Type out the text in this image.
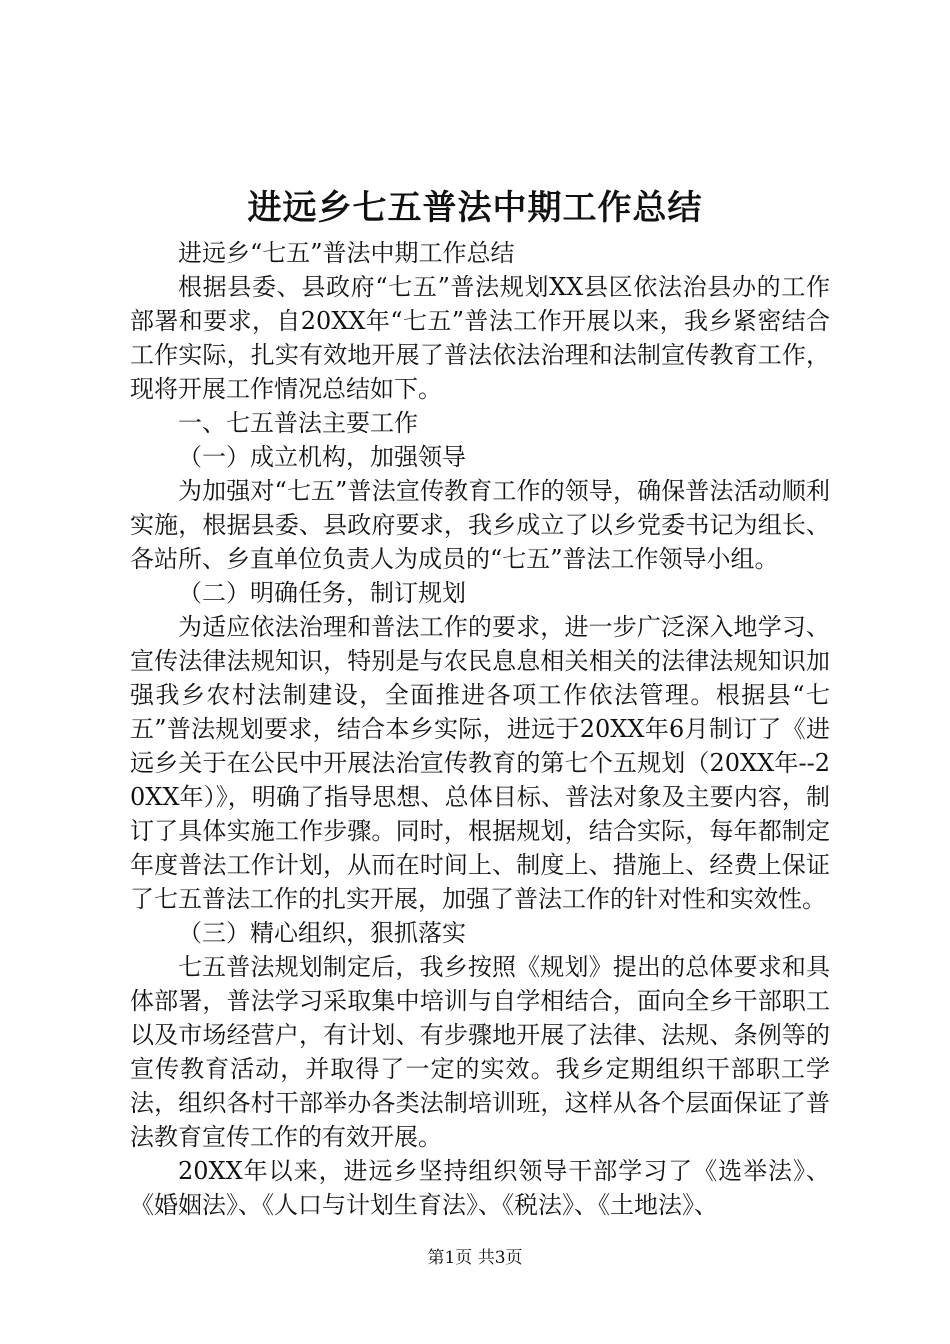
进远乡七五普法中期工作总结

进远乡“七五”普法中期工作总结

根据县委、县政府“七五”普法规划XX县区依法治县办的工作部署和要求，自20XX年“七五”普法工作开展以来，我乡紧密结合工作实际，扎实有效地开展了普法依法治理和法制宣传教育工作，现将开展工作情况总结如下。

一、七五普法主要工作

（一）成立机构，加强领导

为加强对“七五”普法宣传教育工作的领导，确保普法活动顺利实施，根据县委、县政府要求，我乡成立了以乡党委书记为组长、各站所、乡直单位负责人为成员的“七五”普法工作领导小组。

（二）明确任务，制订规划

为适应依法治理和普法工作的要求，进一步广泛深入地学习、宣传法律法规知识，特别是与农民息息相关相关的法律法规知识加强我乡农村法制建设，全面推进各项工作依法管理。根据县“七五”普法规划要求，结合本乡实际，进远于20XX年6月制订了《进远乡关于在公民中开展法治宣传教育的第七个五规划（20XX年--20XX年）》，明确了指导思想、总体目标、普法对象及主要内容，制订了具体实施工作步骤。同时，根据规划，结合实际，每年都制定年度普法工作计划，从而在时间上、制度上、措施上、经费上保证了七五普法工作的扎实开展，加强了普法工作的针对性和实效性。

（三）精心组织，狠抓落实

七五普法规划制定后，我乡按照《规划》提出的总体要求和具体部署，普法学习采取集中培训与自学相结合，面向全乡干部职工以及市场经营户，有计划、有步骤地开展了法律、法规、条例等的宣传教育活动，并取得了一定的实效。我乡定期组织干部职工学法，组织各村干部举办各类法制培训班，这样从各个层面保证了普法教育宣传工作的有效开展。

20XX年以来，进远乡坚持组织领导干部学习了《选举法》、《婚姻法》、《人口与计划生育法》、《税法》、《土地法》、

第1页 共3页
